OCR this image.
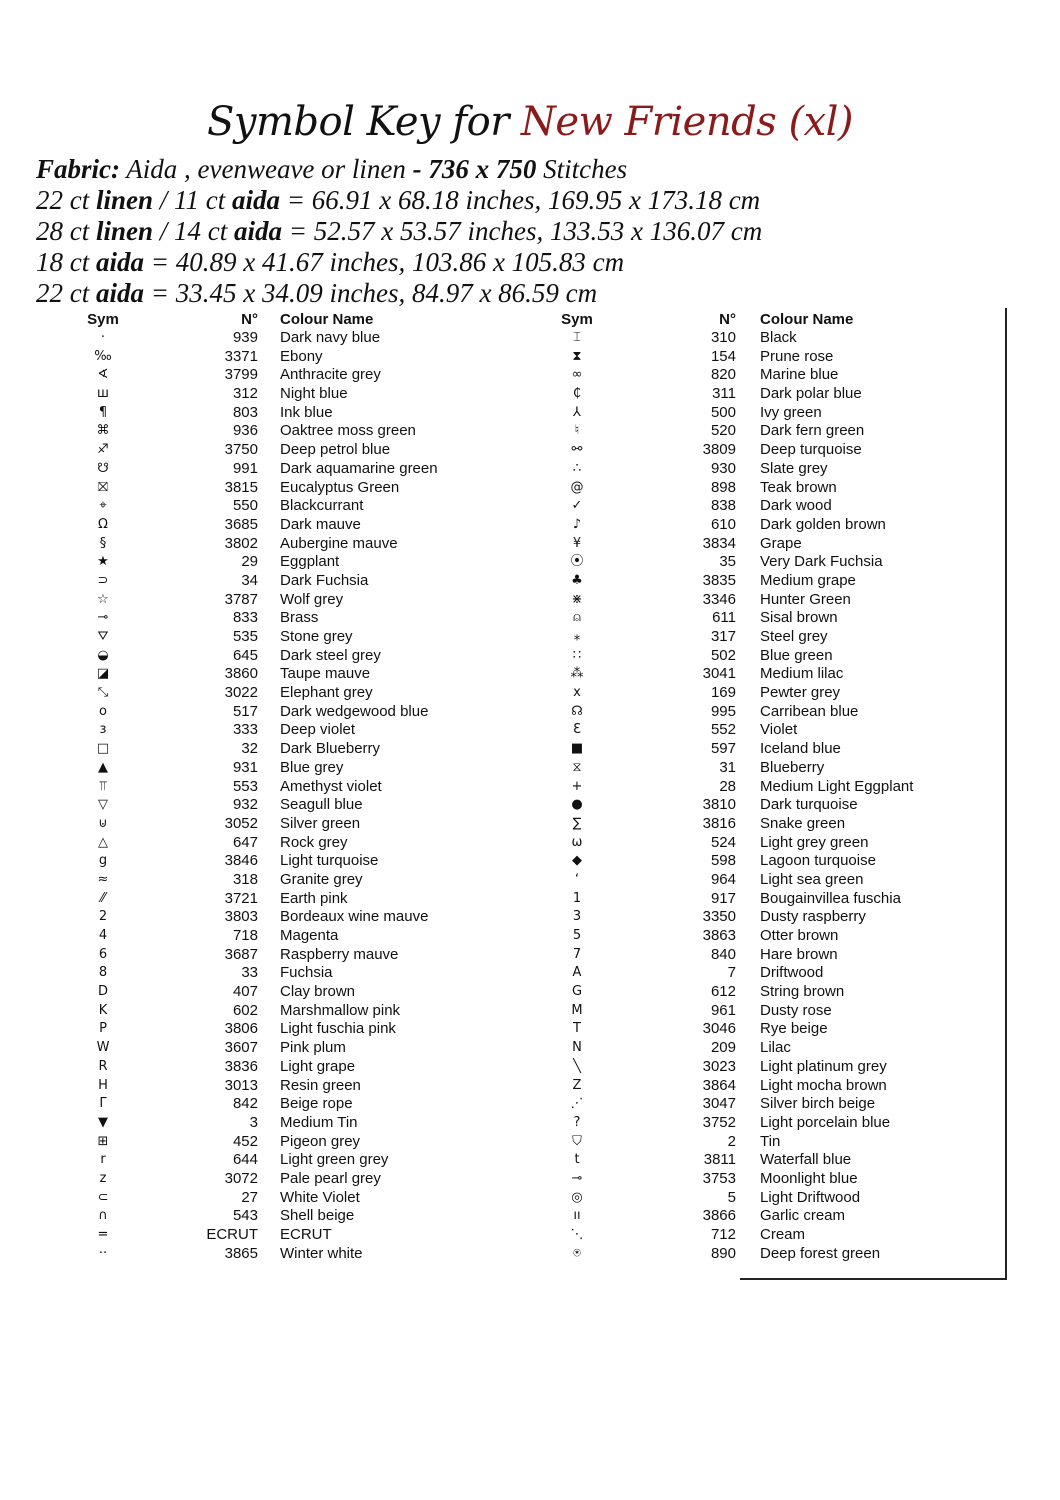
Symbol Key for New Friends (xl)
Fabric: Aida , evenweave or linen - 736 x 750 Stitches
22 ct linen / 11 ct aida = 66.91 x 68.18 inches, 169.95 x 173.18 cm
28 ct linen / 14 ct aida = 52.57 x 53.57 inches, 133.53 x 136.07 cm
18 ct aida = 40.89 x 41.67 inches, 103.86 x 105.83 cm
22 ct aida = 33.45 x 34.09 inches, 84.97 x 86.59 cm
Sym	N° Colour Name
·	939 Dark navy blue
‰	3371 Ebony
∢	3799 Anthracite grey
ш	312 Night blue
¶	803 Ink blue
⌘	936 Oaktree moss green
♐	3750 Deep petrol blue
☋	991 Dark aquamarine green
⛝	3815 Eucalyptus Green
⌖	550 Blackcurrant
Ω	3685 Dark mauve
§	3802 Aubergine mauve
★	29 Eggplant
⊃	34 Dark Fuchsia
☆	3787 Wolf grey
⊸	833 Brass
⛛	535 Stone grey
◒	645 Dark steel grey
◪	3860 Taupe mauve
⤡	3022 Elephant grey
o	517 Dark wedgewood blue
ɜ	333 Deep violet
□	32 Dark Blueberry
▲	931 Blue grey
⫪	553 Amethyst violet
▽	932 Seagull blue
⊍	3052 Silver green
△	647 Rock grey
g	3846 Light turquoise
≈	318 Granite grey
⁄⁄	3721 Earth pink
2	3803 Bordeaux wine mauve
4	718 Magenta
6	3687 Raspberry mauve
8	33 Fuchsia
D	407 Clay brown
K	602 Marshmallow pink
P	3806 Light fuschia pink
W	3607 Pink plum
R	3836 Light grape
H	3013 Resin green
Γ	842 Beige rope
▼	3 Medium Tin
⊞	452 Pigeon grey
r	644 Light green grey
z	3072 Pale pearl grey
⊂	27 White Violet
∩	543 Shell beige
=	ECRUT ECRUT
··	3865 Winter white
Sym	N° Colour Name
⌶	310 Black
⧗	154 Prune rose
∞	820 Marine blue
₵	311 Dark polar blue
⅄	500 Ivy green
♮	520 Dark fern green
⚯	3809 Deep turquoise
∴	930 Slate grey
@	898 Teak brown
✓	838 Dark wood
♪	610 Dark golden brown
¥	3834 Grape
⦿	35 Very Dark Fuchsia
♣	3835 Medium grape
⋇	3346 Hunter Green
⍝	611 Sisal brown
⁎	317 Steel grey
∷	502 Blue green
⁂	3041 Medium lilac
x	169 Pewter grey
☊	995 Carribean blue
Ɛ	552 Violet
■	597 Iceland blue
⧖	31 Blueberry
+	28 Medium Light Eggplant
●	3810 Dark turquoise
∑	3816 Snake green
ω	524 Light grey green
◆	598 Lagoon turquoise
ʻ	964 Light sea green
1	917 Bougainvillea fuschia
3	3350 Dusty raspberry
5	3863 Otter brown
7	840 Hare brown
A	7 Driftwood
G	612 String brown
M	961 Dusty rose
T	3046 Rye beige
N	209 Lilac
╲	3023 Light platinum grey
Z	3864 Light mocha brown
⋰	3047 Silver birch beige
?	3752 Light porcelain blue
⛉	2 Tin
t	3811 Waterfall blue
⊸	3753 Moonlight blue
◎	5 Light Driftwood
ıı	3866 Garlic cream
⋱	712 Cream
⍟	890 Deep forest green
